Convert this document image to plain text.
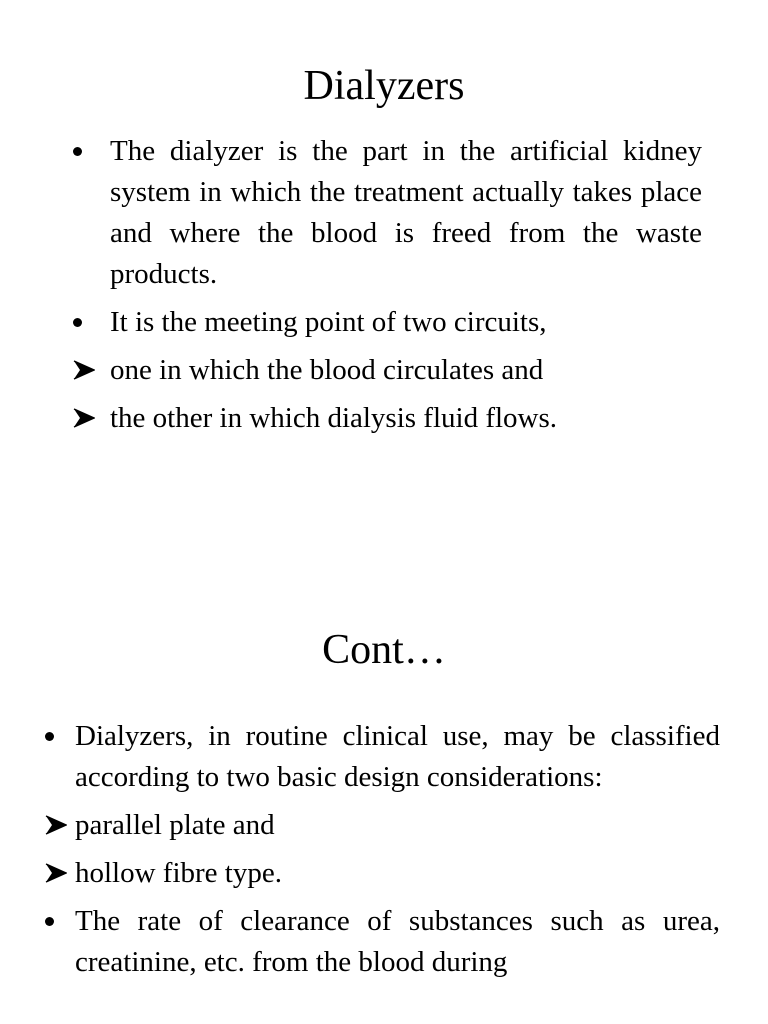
Dialyzers
The dialyzer is the part in the artificial kidney system in which the treatment actually takes place and where the blood is freed from the waste products.
It is the meeting point of two circuits,
one in which the blood circulates and
the other in which dialysis fluid flows.
Cont…
Dialyzers, in routine clinical use, may be classified according to two basic design considerations:
parallel plate and
hollow fibre type.
The rate of clearance of substances such as urea, creatinine, etc. from the blood during
